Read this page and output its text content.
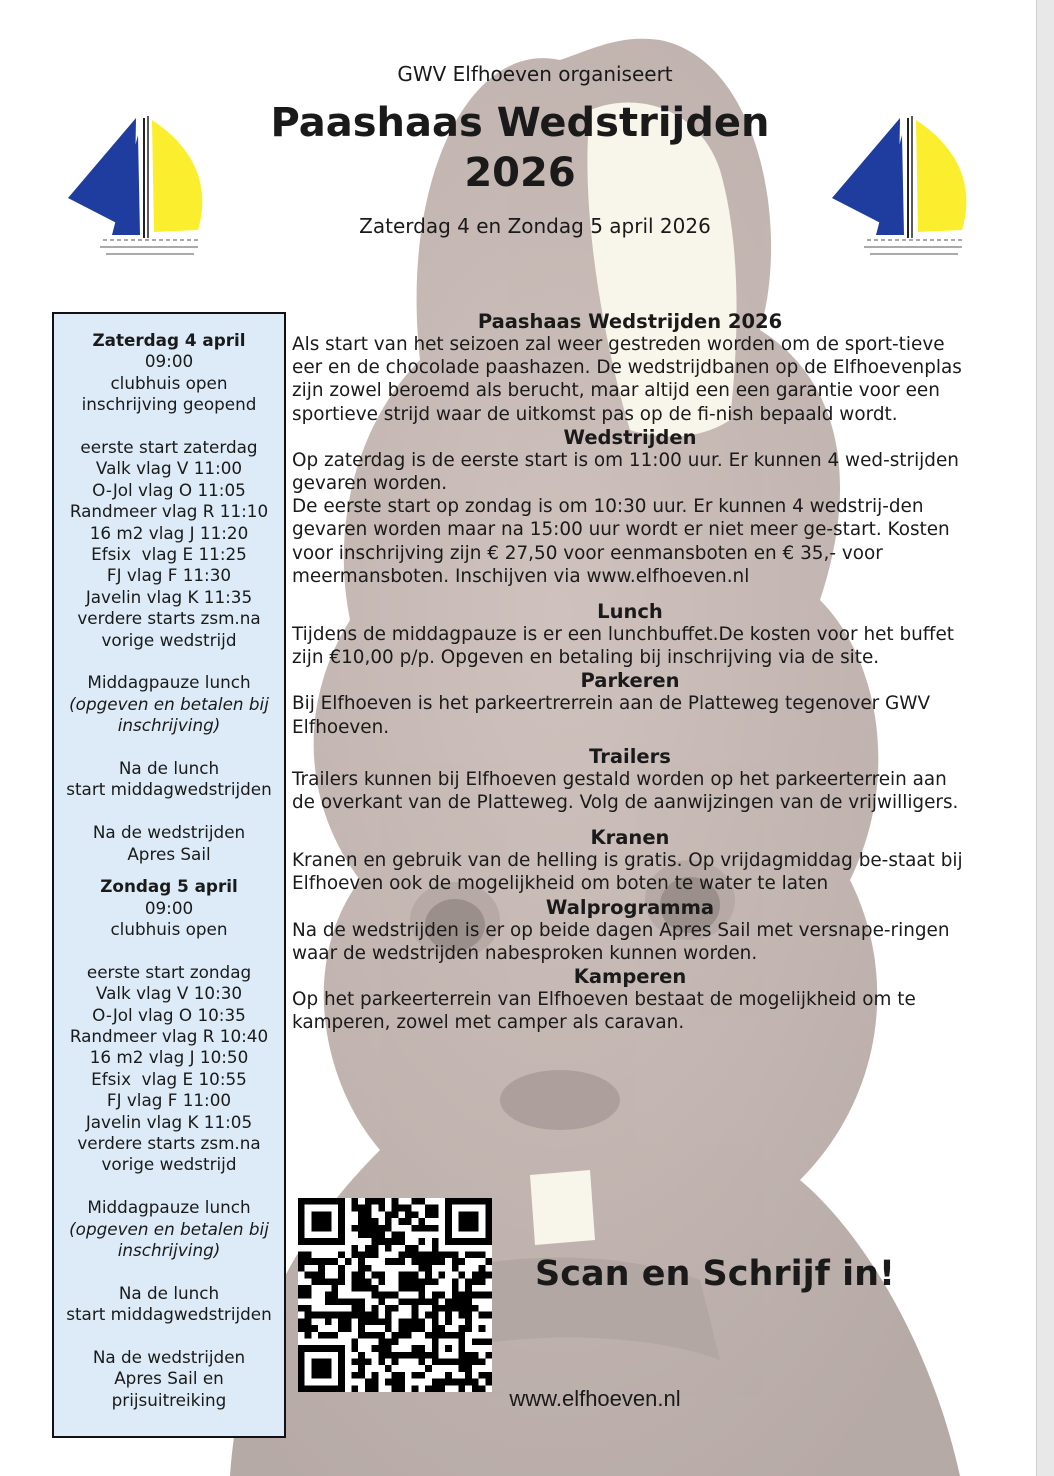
GWV Elfhoeven organiseert
Paashaas Wedstrijden
2026
Zaterdag 4 en Zondag 5 april 2026
Zaterdag 4 april
09:00
clubhuis open
inschrijving geopend
eerste start zaterdag
Valk vlag V 11:00
O-Jol vlag O 11:05
Randmeer vlag R 11:10
16 m2 vlag J 11:20
Efsix  vlag E 11:25
FJ vlag F 11:30
Javelin vlag K 11:35
verdere starts zsm.na
vorige wedstrijd
Middagpauze lunch
(opgeven en betalen bij
inschrijving)
Na de lunch
start middagwedstrijden
Na de wedstrijden
Apres Sail
Zondag 5 april
09:00
clubhuis open
eerste start zondag
Valk vlag V 10:30
O-Jol vlag O 10:35
Randmeer vlag R 10:40
16 m2 vlag J 10:50
Efsix  vlag E 10:55
FJ vlag F 11:00
Javelin vlag K 11:05
verdere starts zsm.na
vorige wedstrijd
Middagpauze lunch
(opgeven en betalen bij
inschrijving)
Na de lunch
start middagwedstrijden
Na de wedstrijden
Apres Sail en
prijsuitreiking
Paashaas Wedstrijden 2026
Als start van het seizoen zal weer gestreden worden om de sport-tieve eer en de chocolade paashazen. De wedstrijdbanen op de Elfhoevenplas zijn zowel beroemd als berucht, maar altijd een een garantie voor een sportieve strijd waar de uitkomst pas op de fi-nish bepaald wordt.
Wedstrijden
Op zaterdag is de eerste start is om 11:00 uur. Er kunnen 4 wed-strijden gevaren worden.
De eerste start op zondag is om 10:30 uur. Er kunnen 4 wedstrij-den gevaren worden maar na 15:00 uur wordt er niet meer ge-start. Kosten voor inschrijving zijn € 27,50 voor eenmansboten en € 35,- voor meermansboten. Inschijven via www.elfhoeven.nl
Lunch
Tijdens de middagpauze is er een lunchbuffet.De kosten voor het buffet zijn €10,00 p/p. Opgeven en betaling bij inschrijving via de site.
Parkeren
Bij Elfhoeven is het parkeertrerrein aan de Platteweg tegenover GWV Elfhoeven.
Trailers
Trailers kunnen bij Elfhoeven gestald worden op het parkeerterrein aan de overkant van de Platteweg. Volg de aanwijzingen van de vrijwilligers.
Kranen
Kranen en gebruik van de helling is gratis. Op vrijdagmiddag be-staat bij Elfhoeven ook de mogelijkheid om boten te water te laten
Walprogramma
Na de wedstrijden is er op beide dagen Apres Sail met versnape-ringen waar de wedstrijden nabesproken kunnen worden.
Kamperen
Op het parkeerterrein van Elfhoeven bestaat de mogelijkheid om te kamperen, zowel met camper als caravan.
Scan en Schrijf in!
www.elfhoeven.nl
